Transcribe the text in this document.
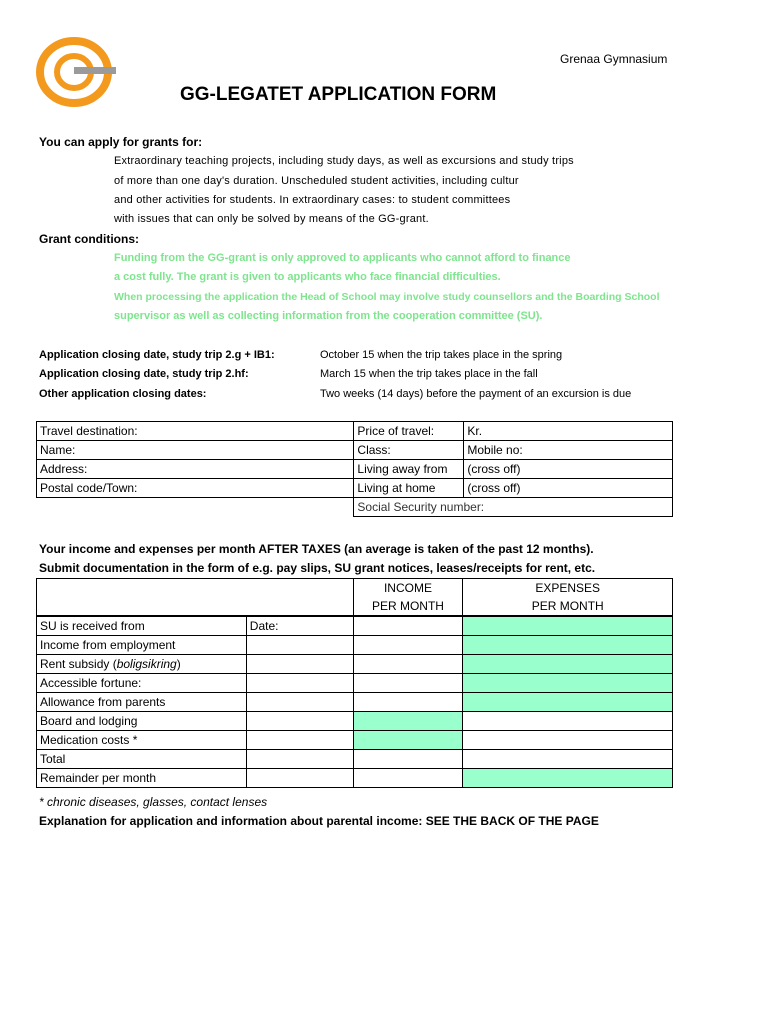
Grenaa Gymnasium
GG-LEGATET APPLICATION FORM
You can apply for grants for:
Extraordinary teaching projects, including study days, as well as excursions and study trips
of more than one day's duration. Unscheduled student activities, including cultur
and other activities for students. In extraordinary cases: to student committees
with issues that can only be solved by means of the GG-grant.
Grant conditions:
Funding from the GG-grant is only approved to applicants who cannot afford to finance
a cost fully. The grant is given to applicants who face financial difficulties.
When processing the application the Head of School may involve study counsellors and the Boarding School
supervisor as well as collecting information from the cooperation committee (SU).
Application closing date, study trip 2.g + IB1:	October 15 when the trip takes place in the spring
Application closing date, study trip 2.hf:	March 15 when the trip takes place in the fall
Other application closing dates:	Two weeks (14 days) before the payment of an excursion is due
Travel destination:	Price of travel:	Kr.
Name:	Class:	Mobile no:
Address:	Living away from	(cross off)
Postal code/Town:	Living at home	(cross off)
	Social Security number:	
Your income and expenses per month AFTER TAXES (an average is taken of the past 12 months).
Submit documentation in the form of e.g. pay slips, SU grant notices, leases/receipts for rent, etc.
		INCOME	EXPENSES
		PER MONTH	PER MONTH
SU is received from	Date:		
Income from employment			
Rent subsidy (boligsikring)			
Accessible fortune:			
Allowance from parents			
Board and lodging			
Medication costs *			
Total			
Remainder per month			
* chronic diseases, glasses, contact lenses
Explanation for application and information about parental income: SEE THE BACK OF THE PAGE
